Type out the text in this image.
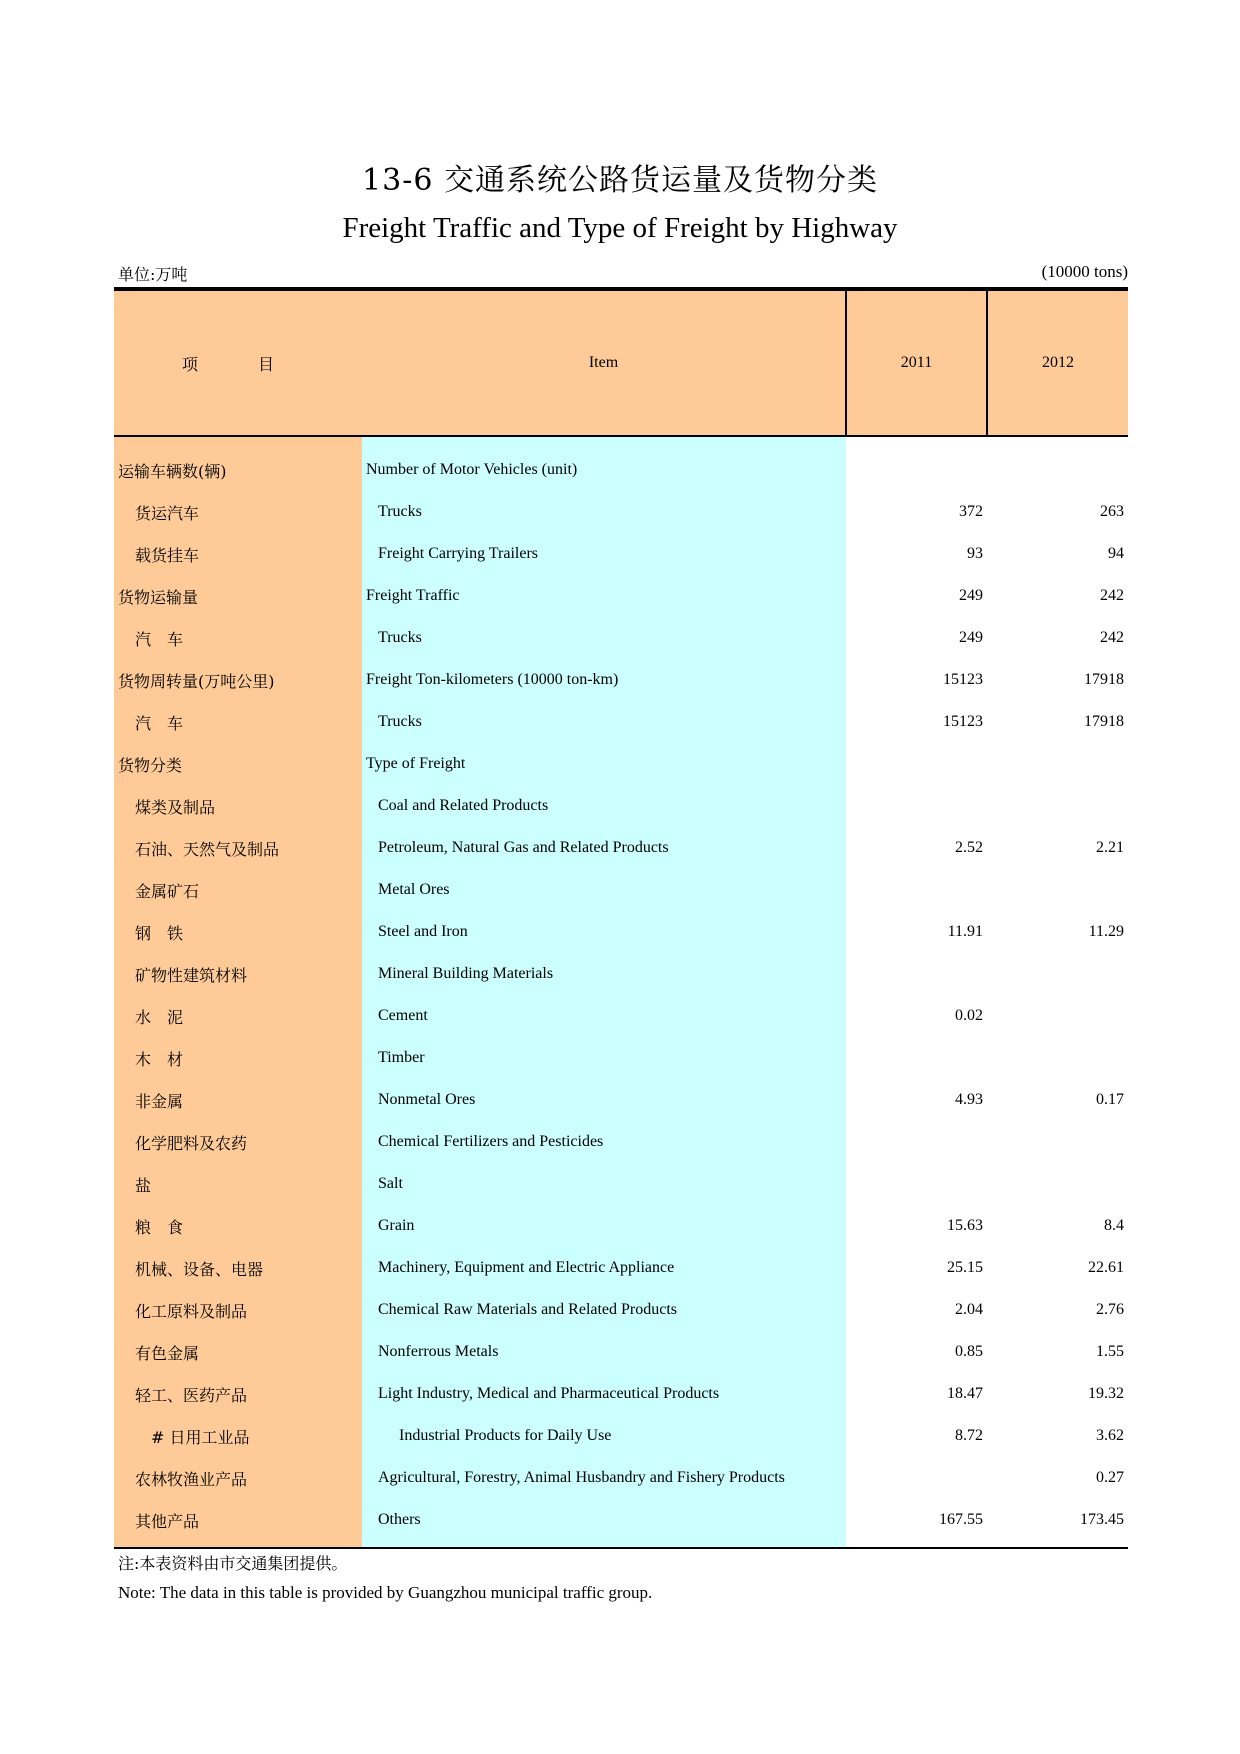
13-6 交通系统公路货运量及货物分类
Freight Traffic and Type of Freight by Highway
单位:万吨	(10000 tons)
项 目	Item	2011	2012
运输车辆数(辆)	Number of Motor Vehicles (unit)		
货运汽车	Trucks	372	263
载货挂车	Freight Carrying Trailers	93	94
货物运输量	Freight Traffic	249	242
汽　车	Trucks	249	242
货物周转量(万吨公里)	Freight Ton-kilometers (10000 ton-km)	15123	17918
汽　车	Trucks	15123	17918
货物分类	Type of Freight		
煤类及制品	Coal and Related Products		
石油、天然气及制品	Petroleum, Natural Gas and Related Products	2.52	2.21
金属矿石	Metal Ores		
钢　铁	Steel and Iron	11.91	11.29
矿物性建筑材料	Mineral Building Materials		
水　泥	Cement	0.02	
木　材	Timber		
非金属	Nonmetal Ores	4.93	0.17
化学肥料及农药	Chemical Fertilizers and Pesticides		
盐	Salt		
粮　食	Grain	15.63	8.4
机械、设备、电器	Machinery, Equipment and Electric Appliance	25.15	22.61
化工原料及制品	Chemical Raw Materials and Related Products	2.04	2.76
有色金属	Nonferrous Metals	0.85	1.55
轻工、医药产品	Light Industry, Medical and Pharmaceutical Products	18.47	19.32
# 日用工业品	Industrial Products for Daily Use	8.72	3.62
农林牧渔业产品	Agricultural, Forestry, Animal Husbandry and Fishery Products		0.27
其他产品	Others	167.55	173.45
注:本表资料由市交通集团提供。
Note: The data in this table is provided by Guangzhou municipal traffic group.
